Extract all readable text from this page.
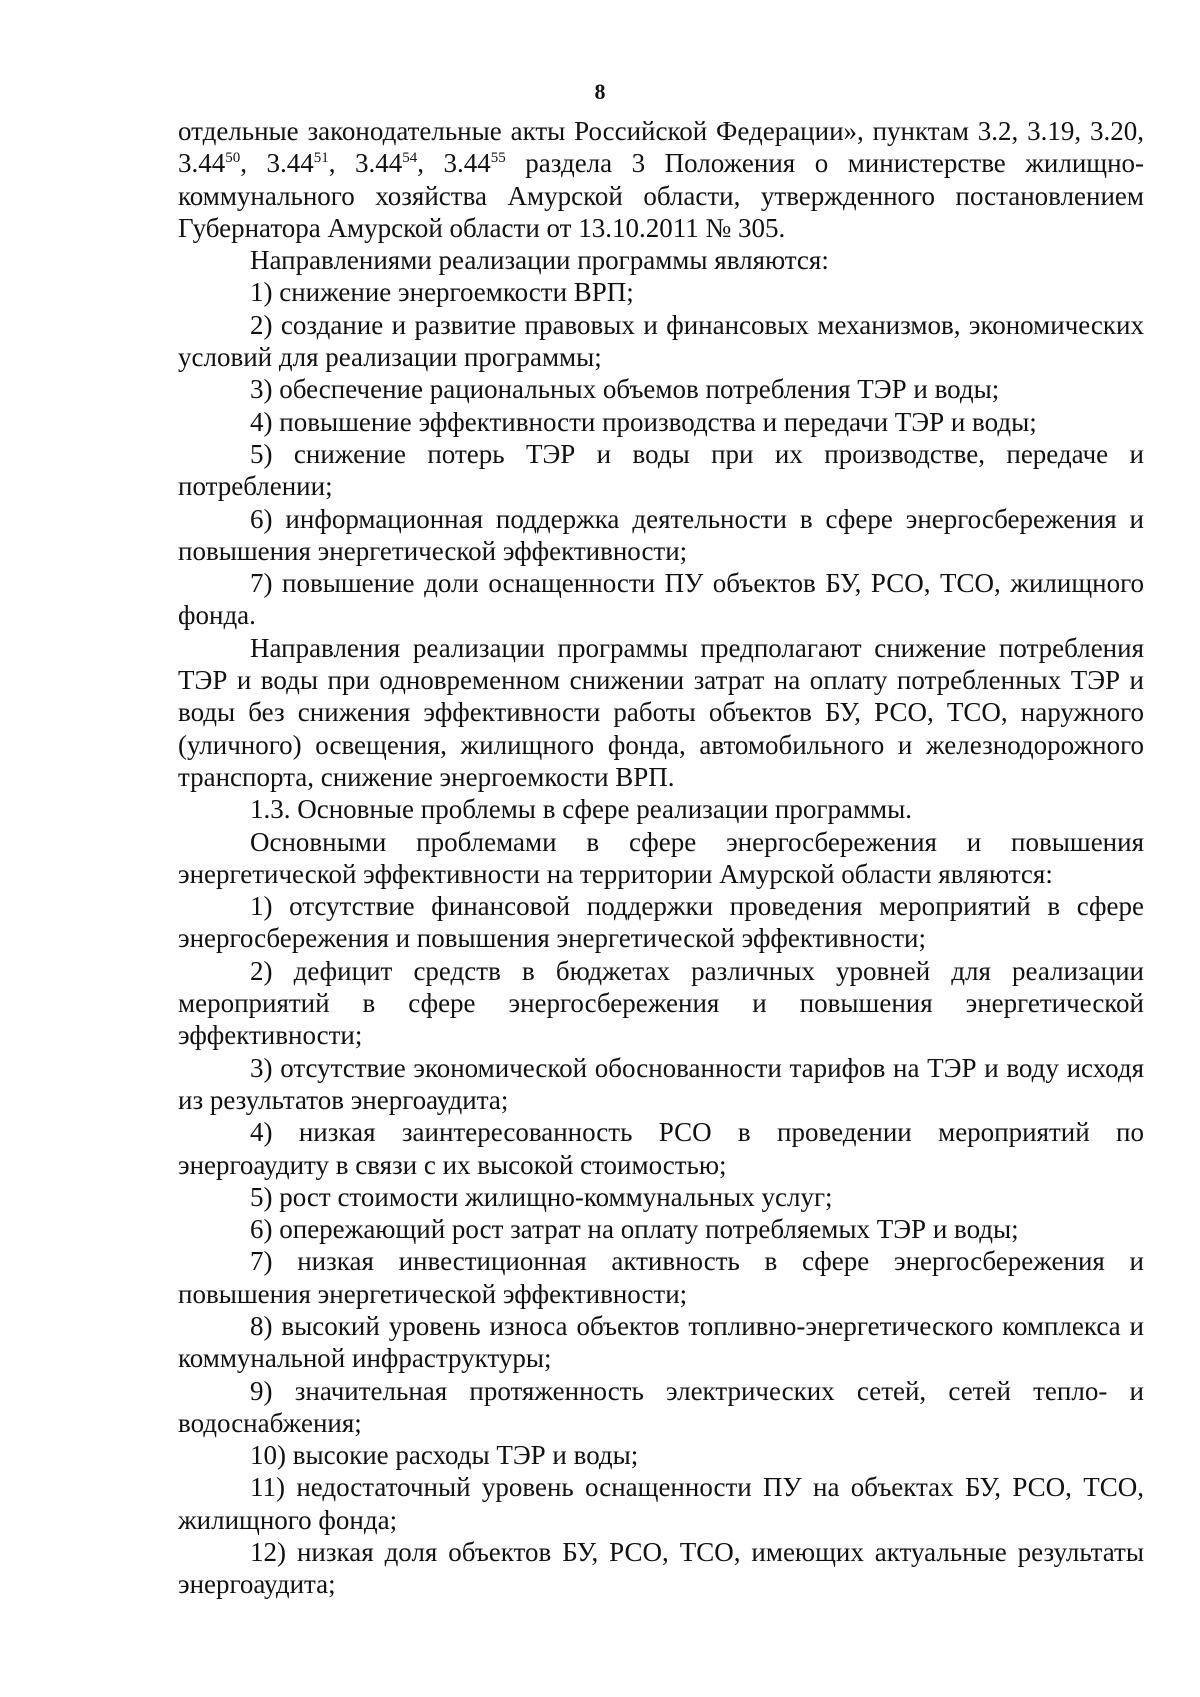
8

отдельные законодательные акты Российской Федерации», пунктам 3.2, 3.19, 3.20, 3.44$^{50}$, 3.44$^{51}$, 3.44$^{54}$, 3.44$^{55}$ раздела 3 Положения о министерстве жилищно-коммунального хозяйства Амурской области, утвержденного постановлением Губернатора Амурской области от 13.10.2011 № 305.

Направлениями реализации программы являются:

1) снижение энергоемкости ВРП;

2) создание и развитие правовых и финансовых механизмов, экономических условий для реализации программы;

3) обеспечение рациональных объемов потребления ТЭР и воды;

4) повышение эффективности производства и передачи ТЭР и воды;

5) снижение потерь ТЭР и воды при их производстве, передаче и потреблении;

6) информационная поддержка деятельности в сфере энергосбережения и повышения энергетической эффективности;

7) повышение доли оснащенности ПУ объектов БУ, РСО, ТСО, жилищного фонда.

Направления реализации программы предполагают снижение потребления ТЭР и воды при одновременном снижении затрат на оплату потребленных ТЭР и воды без снижения эффективности работы объектов БУ, РСО, ТСО, наружного (уличного) освещения, жилищного фонда, автомобильного и железнодорожного транспорта, снижение энергоемкости ВРП.

1.3. Основные проблемы в сфере реализации программы.

Основными проблемами в сфере энергосбережения и повышения энергетической эффективности на территории Амурской области являются:

1) отсутствие финансовой поддержки проведения мероприятий в сфере энергосбережения и повышения энергетической эффективности;

2) дефицит средств в бюджетах различных уровней для реализации мероприятий в сфере энергосбережения и повышения энергетической эффективности;

3) отсутствие экономической обоснованности тарифов на ТЭР и воду исходя из результатов энергоаудита;

4) низкая заинтересованность РСО в проведении мероприятий по энергоаудиту в связи с их высокой стоимостью;

5) рост стоимости жилищно-коммунальных услуг;

6) опережающий рост затрат на оплату потребляемых ТЭР и воды;

7) низкая инвестиционная активность в сфере энергосбережения и повышения энергетической эффективности;

8) высокий уровень износа объектов топливно-энергетического комплекса и коммунальной инфраструктуры;

9) значительная протяженность электрических сетей, сетей тепло- и водоснабжения;

10) высокие расходы ТЭР и воды;

11) недостаточный уровень оснащенности ПУ на объектах БУ, РСО, ТСО, жилищного фонда;

12) низкая доля объектов БУ, РСО, ТСО, имеющих актуальные результаты энергоаудита;
